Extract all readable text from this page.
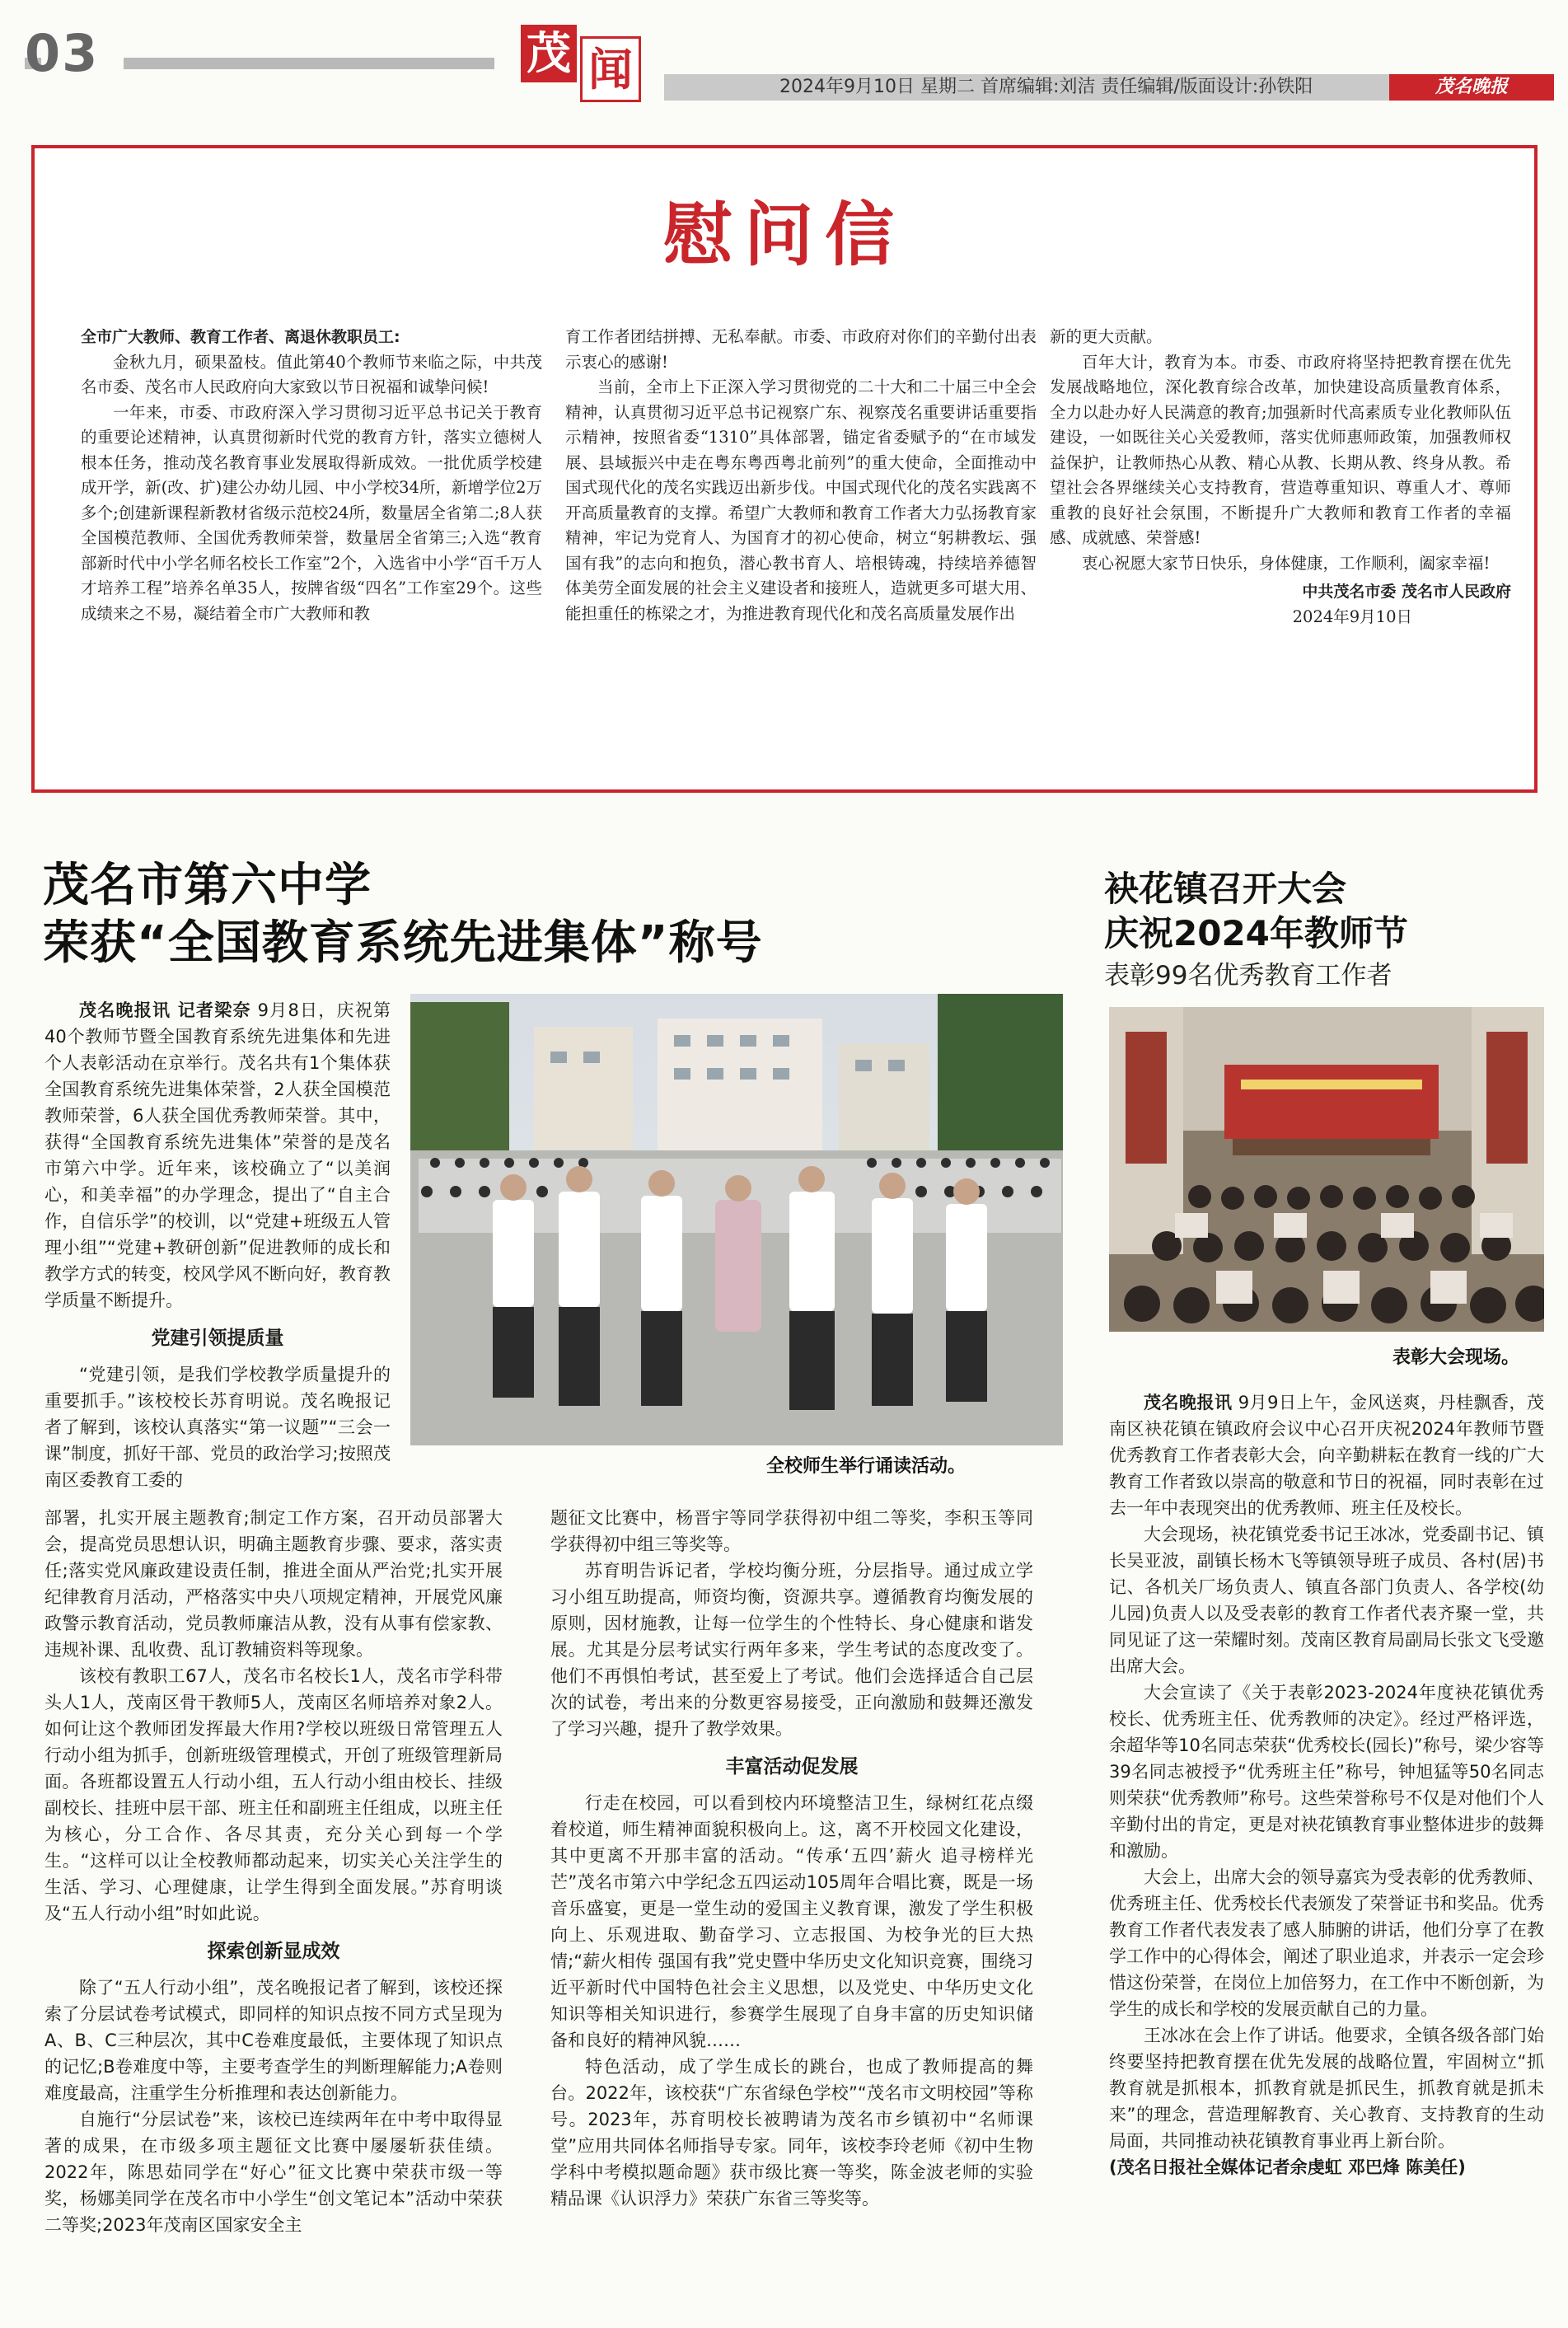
03	茂 闻	2024年9月10日 星期二 首席编辑:刘洁 责任编辑/版面设计:孙铁阳	茂名晚报
慰问信

全市广大教师、教育工作者、离退休教职员工:

金秋九月，硕果盈枝。值此第40个教师节来临之际，中共茂名市委、茂名市人民政府向大家致以节日祝福和诚挚问候!

一年来，市委、市政府深入学习贯彻习近平总书记关于教育的重要论述精神，认真贯彻新时代党的教育方针，落实立德树人根本任务，推动茂名教育事业发展取得新成效。一批优质学校建成开学，新(改、扩)建公办幼儿园、中小学校34所，新增学位2万多个;创建新课程新教材省级示范校24所，数量居全省第二;8人获全国模范教师、全国优秀教师荣誉，数量居全省第三;入选“教育部新时代中小学名师名校长工作室”2个，入选省中小学“百千万人才培养工程”培养名单35人，按牌省级“四名”工作室29个。这些成绩来之不易，凝结着全市广大教师和教

育工作者团结拼搏、无私奉献。市委、市政府对你们的辛勤付出表示衷心的感谢!

当前，全市上下正深入学习贯彻党的二十大和二十届三中全会精神，认真贯彻习近平总书记视察广东、视察茂名重要讲话重要指示精神，按照省委“1310”具体部署，锚定省委赋予的“在市域发展、县域振兴中走在粤东粤西粤北前列”的重大使命，全面推动中国式现代化的茂名实践迈出新步伐。中国式现代化的茂名实践离不开高质量教育的支撑。希望广大教师和教育工作者大力弘扬教育家精神，牢记为党育人、为国育才的初心使命，树立“躬耕教坛、强国有我”的志向和抱负，潜心教书育人、培根铸魂，持续培养德智体美劳全面发展的社会主义建设者和接班人，造就更多可堪大用、能担重任的栋梁之才，为推进教育现代化和茂名高质量发展作出

新的更大贡献。

百年大计，教育为本。市委、市政府将坚持把教育摆在优先发展战略地位，深化教育综合改革，加快建设高质量教育体系，全力以赴办好人民满意的教育;加强新时代高素质专业化教师队伍建设，一如既往关心关爱教师，落实优师惠师政策，加强教师权益保护，让教师热心从教、精心从教、长期从教、终身从教。希望社会各界继续关心支持教育，营造尊重知识、尊重人才、尊师重教的良好社会氛围，不断提升广大教师和教育工作者的幸福感、成就感、荣誉感!

衷心祝愿大家节日快乐，身体健康，工作顺利，阖家幸福!

中共茂名市委 茂名市人民政府
2024年9月10日
茂名市第六中学
荣获“全国教育系统先进集体”称号
全校师生举行诵读活动。

茂名晚报讯 记者梁奈 9月8日，庆祝第40个教师节暨全国教育系统先进集体和先进个人表彰活动在京举行。茂名共有1个集体获全国教育系统先进集体荣誉，2人获全国模范教师荣誉，6人获全国优秀教师荣誉。其中，获得“全国教育系统先进集体”荣誉的是茂名市第六中学。近年来，该校确立了“以美润心，和美幸福”的办学理念，提出了“自主合作，自信乐学”的校训，以“党建+班级五人管理小组”“党建+教研创新”促进教师的成长和教学方式的转变，校风学风不断向好，教育教学质量不断提升。

党建引领提质量

“党建引领，是我们学校教学质量提升的重要抓手。”该校校长苏育明说。茂名晚报记者了解到，该校认真落实“第一议题”“三会一课”制度，抓好干部、党员的政治学习;按照茂南区委教育工委的

部署，扎实开展主题教育;制定工作方案，召开动员部署大会，提高党员思想认识，明确主题教育步骤、要求，落实责任;落实党风廉政建设责任制，推进全面从严治党;扎实开展纪律教育月活动，严格落实中央八项规定精神，开展党风廉政警示教育活动，党员教师廉洁从教，没有从事有偿家教、违规补课、乱收费、乱订教辅资料等现象。

该校有教职工67人，茂名市名校长1人，茂名市学科带头人1人，茂南区骨干教师5人，茂南区名师培养对象2人。如何让这个教师团发挥最大作用?学校以班级日常管理五人行动小组为抓手，创新班级管理模式，开创了班级管理新局面。各班都设置五人行动小组，五人行动小组由校长、挂级副校长、挂班中层干部、班主任和副班主任组成，以班主任为核心，分工合作、各尽其责，充分关心到每一个学生。“这样可以让全校教师都动起来，切实关心关注学生的生活、学习、心理健康，让学生得到全面发展。”苏育明谈及“五人行动小组”时如此说。

探索创新显成效

除了“五人行动小组”，茂名晚报记者了解到，该校还探索了分层试卷考试模式，即同样的知识点按不同方式呈现为A、B、C三种层次，其中C卷难度最低，主要体现了知识点的记忆;B卷难度中等，主要考查学生的判断理解能力;A卷则难度最高，注重学生分析推理和表达创新能力。

自施行“分层试卷”来，该校已连续两年在中考中取得显著的成果，在市级多项主题征文比赛中屡屡斩获佳绩。2022年，陈思茹同学在“好心”征文比赛中荣获市级一等奖，杨娜美同学在茂名市中小学生“创文笔记本”活动中荣获二等奖;2023年茂南区国家安全主

题征文比赛中，杨晋宇等同学获得初中组二等奖，李积玉等同学获得初中组三等奖等。

苏育明告诉记者，学校均衡分班，分层指导。通过成立学习小组互助提高，师资均衡，资源共享。遵循教育均衡发展的原则，因材施教，让每一位学生的个性特长、身心健康和谐发展。尤其是分层考试实行两年多来，学生考试的态度改变了。他们不再惧怕考试，甚至爱上了考试。他们会选择适合自己层次的试卷，考出来的分数更容易接受，正向激励和鼓舞还激发了学习兴趣，提升了教学效果。

丰富活动促发展

行走在校园，可以看到校内环境整洁卫生，绿树红花点缀着校道，师生精神面貌积极向上。这，离不开校园文化建设，其中更离不开那丰富的活动。“传承‘五四’薪火 追寻榜样光芒”茂名市第六中学纪念五四运动105周年合唱比赛，既是一场音乐盛宴，更是一堂生动的爱国主义教育课，激发了学生积极向上、乐观进取、勤奋学习、立志报国、为校争光的巨大热情;“薪火相传 强国有我”党史暨中华历史文化知识竞赛，围绕习近平新时代中国特色社会主义思想，以及党史、中华历史文化知识等相关知识进行，参赛学生展现了自身丰富的历史知识储备和良好的精神风貌……

特色活动，成了学生成长的跳台，也成了教师提高的舞台。2022年，该校获“广东省绿色学校”“茂名市文明校园”等称号。2023年，苏育明校长被聘请为茂名市乡镇初中“名师课堂”应用共同体名师指导专家。同年，该校李玲老师《初中生物学科中考模拟题命题》获市级比赛一等奖，陈金波老师的实验精品课《认识浮力》荣获广东省三等奖等。

袂花镇召开大会
庆祝2024年教师节
表彰99名优秀教育工作者
表彰大会现场。

茂名晚报讯 9月9日上午，金风送爽，丹桂飘香，茂南区袂花镇在镇政府会议中心召开庆祝2024年教师节暨优秀教育工作者表彰大会，向辛勤耕耘在教育一线的广大教育工作者致以崇高的敬意和节日的祝福，同时表彰在过去一年中表现突出的优秀教师、班主任及校长。

大会现场，袂花镇党委书记王冰冰，党委副书记、镇长吴亚波，副镇长杨木飞等镇领导班子成员、各村(居)书记、各机关厂场负责人、镇直各部门负责人、各学校(幼儿园)负责人以及受表彰的教育工作者代表齐聚一堂，共同见证了这一荣耀时刻。茂南区教育局副局长张文飞受邀出席大会。

大会宣读了《关于表彰2023-2024年度袂花镇优秀校长、优秀班主任、优秀教师的决定》。经过严格评选，余超华等10名同志荣获“优秀校长(园长)”称号，梁少容等39名同志被授予“优秀班主任”称号，钟旭猛等50名同志则荣获“优秀教师”称号。这些荣誉称号不仅是对他们个人辛勤付出的肯定，更是对袂花镇教育事业整体进步的鼓舞和激励。

大会上，出席大会的领导嘉宾为受表彰的优秀教师、优秀班主任、优秀校长代表颁发了荣誉证书和奖品。优秀教育工作者代表发表了感人肺腑的讲话，他们分享了在教学工作中的心得体会，阐述了职业追求，并表示一定会珍惜这份荣誉，在岗位上加倍努力，在工作中不断创新，为学生的成长和学校的发展贡献自己的力量。

王冰冰在会上作了讲话。他要求，全镇各级各部门始终要坚持把教育摆在优先发展的战略位置，牢固树立“抓教育就是抓根本，抓教育就是抓民生，抓教育就是抓未来”的理念，营造理解教育、关心教育、支持教育的生动局面，共同推动袂花镇教育事业再上新台阶。

(茂名日报社全媒体记者余虔虹 邓巴烽 陈美任)
